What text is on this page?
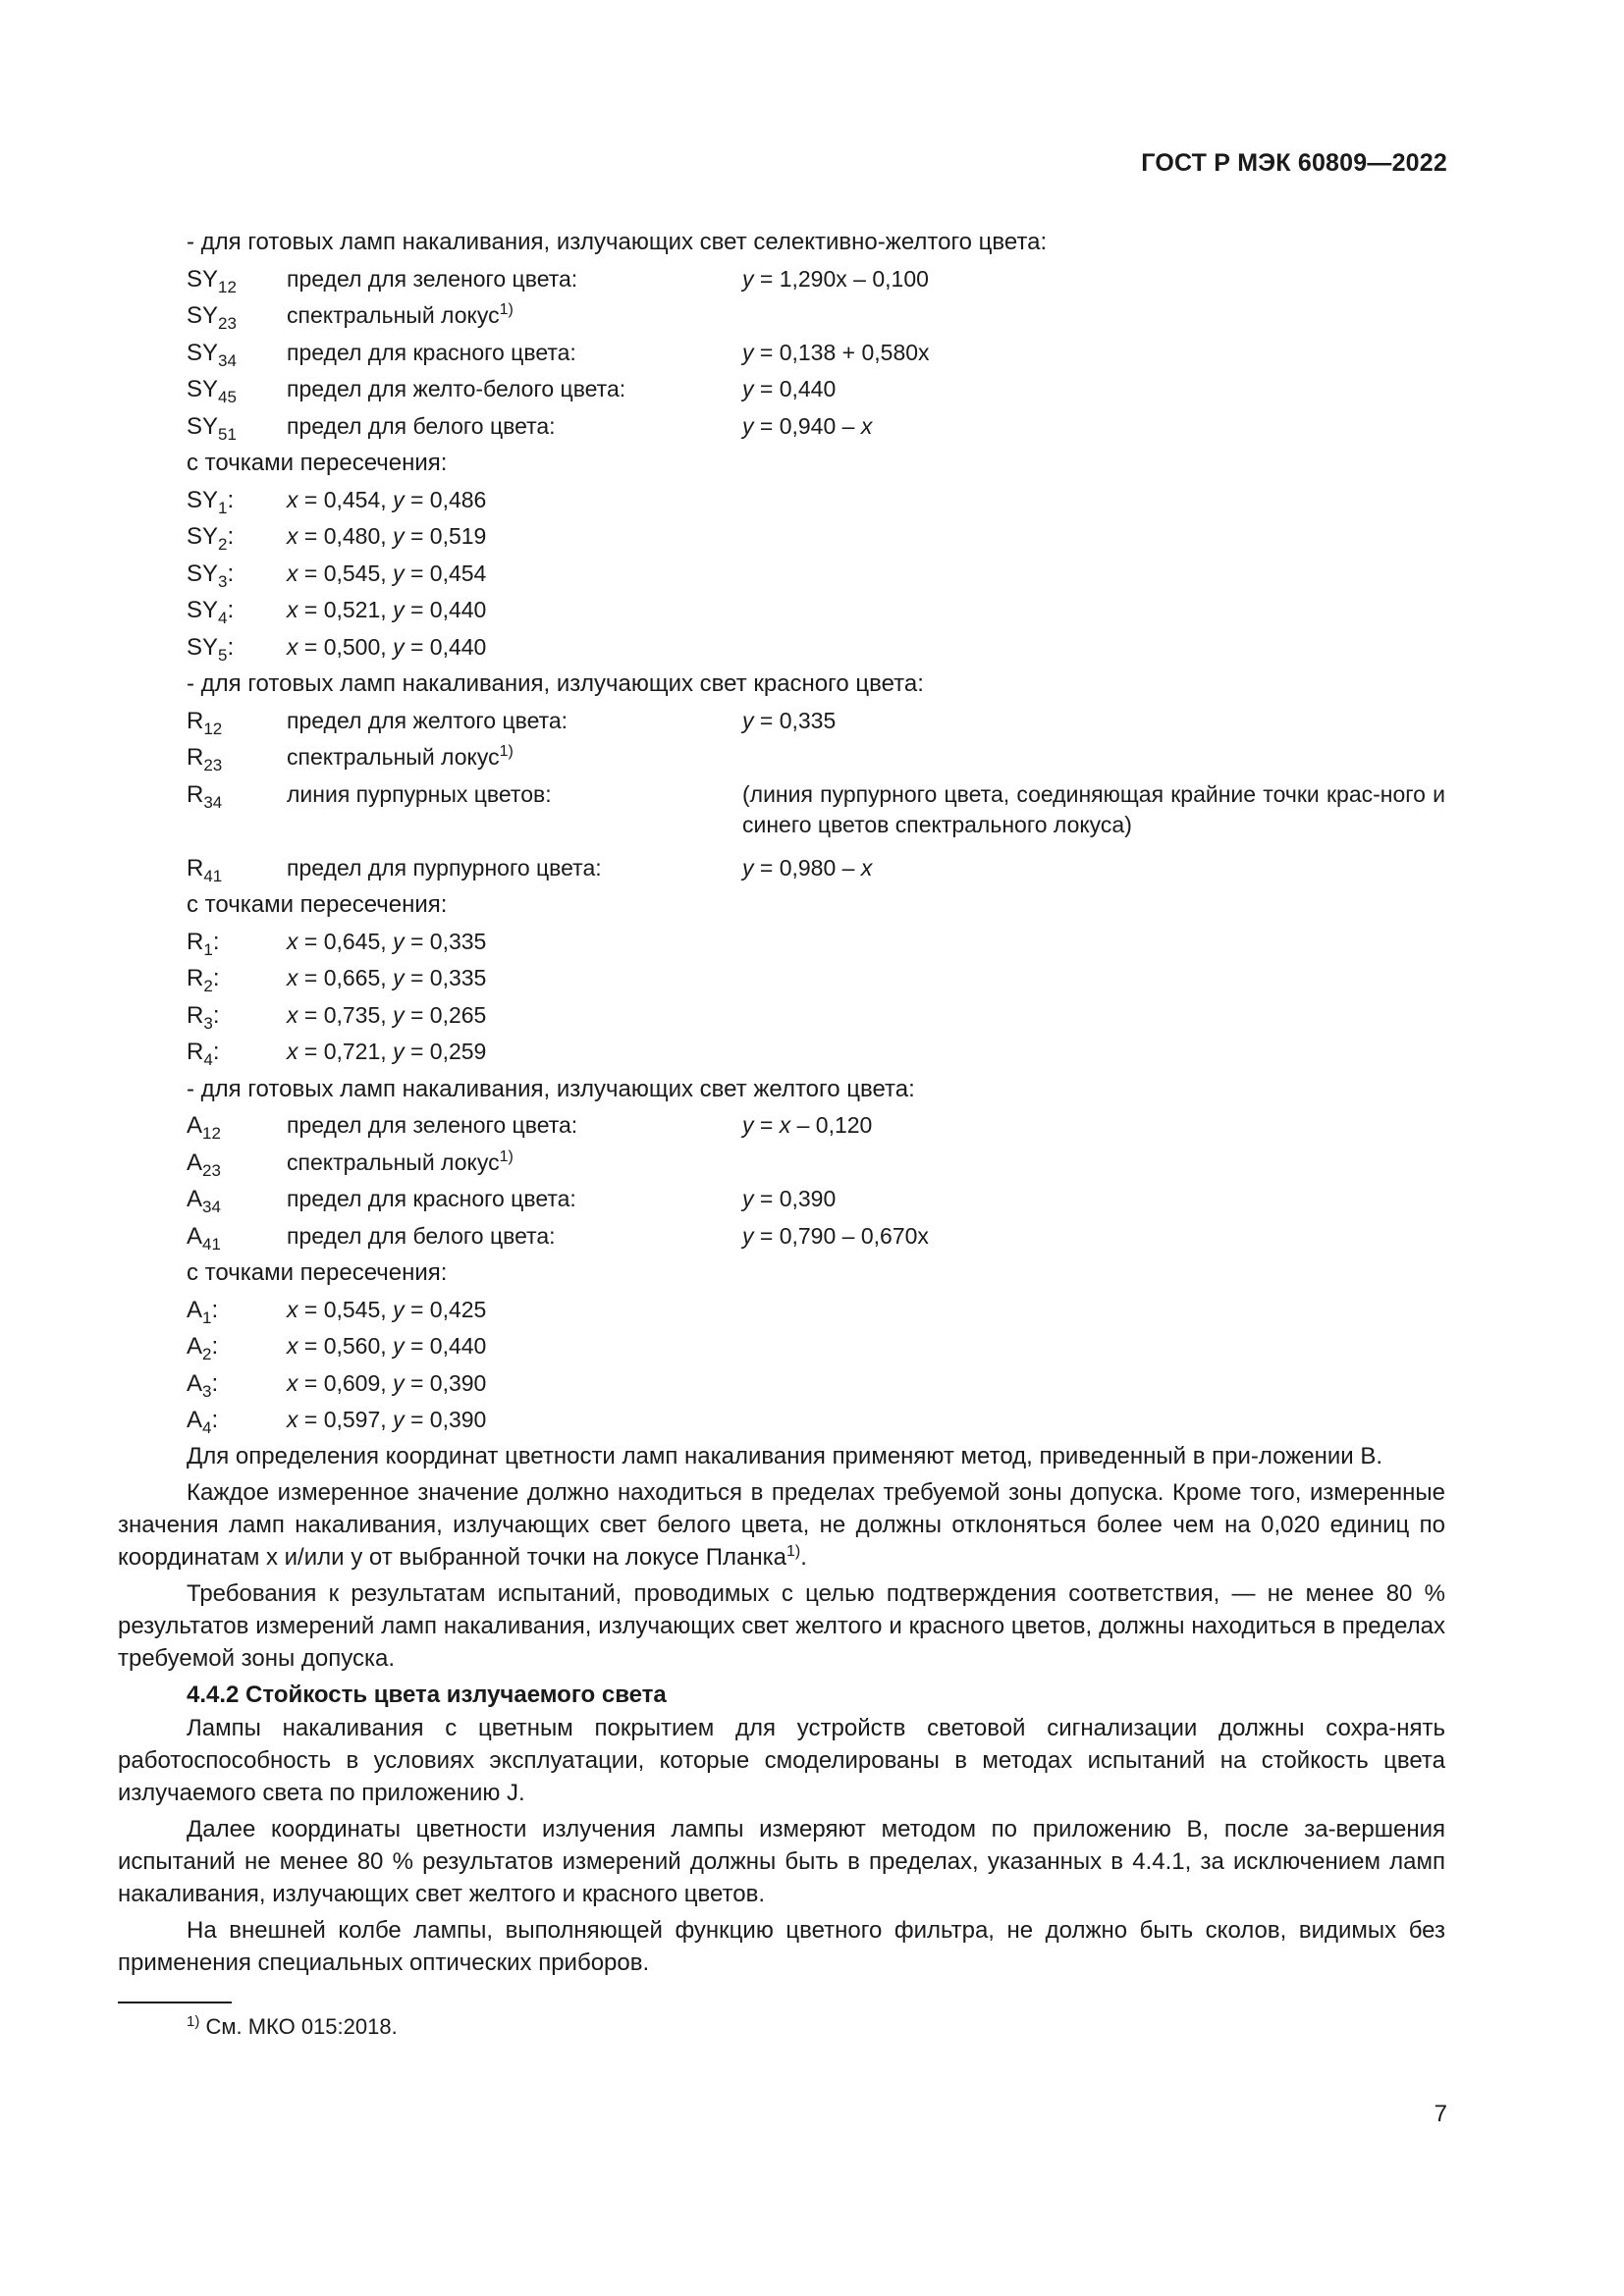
ГОСТ Р МЭК 60809—2022
- для готовых ламп накаливания, излучающих свет селективно-желтого цвета:
$SY_{12}$ предел для зеленого цвета:	y = 1,290x – 0,100
$SY_{23}$ спектральный локус$^{1)}$
$SY_{34}$ предел для красного цвета:	y = 0,138 + 0,580x
$SY_{45}$ предел для желто-белого цвета:	y = 0,440
$SY_{51}$ предел для белого цвета:	y = 0,940 – x
с точками пересечения:
$SY_1$: x = 0,454, y = 0,486
$SY_2$: x = 0,480, y = 0,519
$SY_3$: x = 0,545, y = 0,454
$SY_4$: x = 0,521, y = 0,440
$SY_5$: x = 0,500, y = 0,440
- для готовых ламп накаливания, излучающих свет красного цвета:
$R_{12}$	предел для желтого цвета:	y = 0,335
$R_{23}$	спектральный локус$^{1)}$
$R_{34}$	линия пурпурных цветов:	(линия пурпурного цвета, соединяющая крайние точки крас-ного и синего цветов спектрального локуса)
$R_{41}$	предел для пурпурного цвета:	y = 0,980 – x
с точками пересечения:
$R_1$:	x = 0,645, y = 0,335
$R_2$:	x = 0,665, y = 0,335
$R_3$:	x = 0,735, y = 0,265
$R_4$:	x = 0,721, y = 0,259
- для готовых ламп накаливания, излучающих свет желтого цвета:
$A_{12}$	предел для зеленого цвета:	y = x – 0,120
$A_{23}$	спектральный локус$^{1)}$
$A_{34}$	предел для красного цвета:	y = 0,390
$A_{41}$	предел для белого цвета:	y = 0,790 – 0,670x
с точками пересечения:
$A_1$:	x = 0,545, y = 0,425
$A_2$:	x = 0,560, y = 0,440
$A_3$:	x = 0,609, y = 0,390
$A_4$:	x = 0,597, y = 0,390

Для определения координат цветности ламп накаливания применяют метод, приведенный в при-ложении B.

Каждое измеренное значение должно находиться в пределах требуемой зоны допуска. Кроме того, измеренные значения ламп накаливания, излучающих свет белого цвета, не должны отклоняться более чем на 0,020 единиц по координатам x и/или y от выбранной точки на локусе Планка$^{1)}$.

Требования к результатам испытаний, проводимых с целью подтверждения соответствия, — не менее 80 % результатов измерений ламп накаливания, излучающих свет желтого и красного цветов, должны находиться в пределах требуемой зоны допуска.

4.4.2 Стойкость цвета излучаемого света

Лампы накаливания с цветным покрытием для устройств световой сигнализации должны сохра-нять работоспособность в условиях эксплуатации, которые смоделированы в методах испытаний на стойкость цвета излучаемого света по приложению J.

Далее координаты цветности излучения лампы измеряют методом по приложению B, после за-вершения испытаний не менее 80 % результатов измерений должны быть в пределах, указанных в 4.4.1, за исключением ламп накаливания, излучающих свет желтого и красного цветов.

На внешней колбе лампы, выполняющей функцию цветного фильтра, не должно быть сколов, видимых без применения специальных оптических приборов.

$^{1)}$ См. МКО 015:2018.
7
